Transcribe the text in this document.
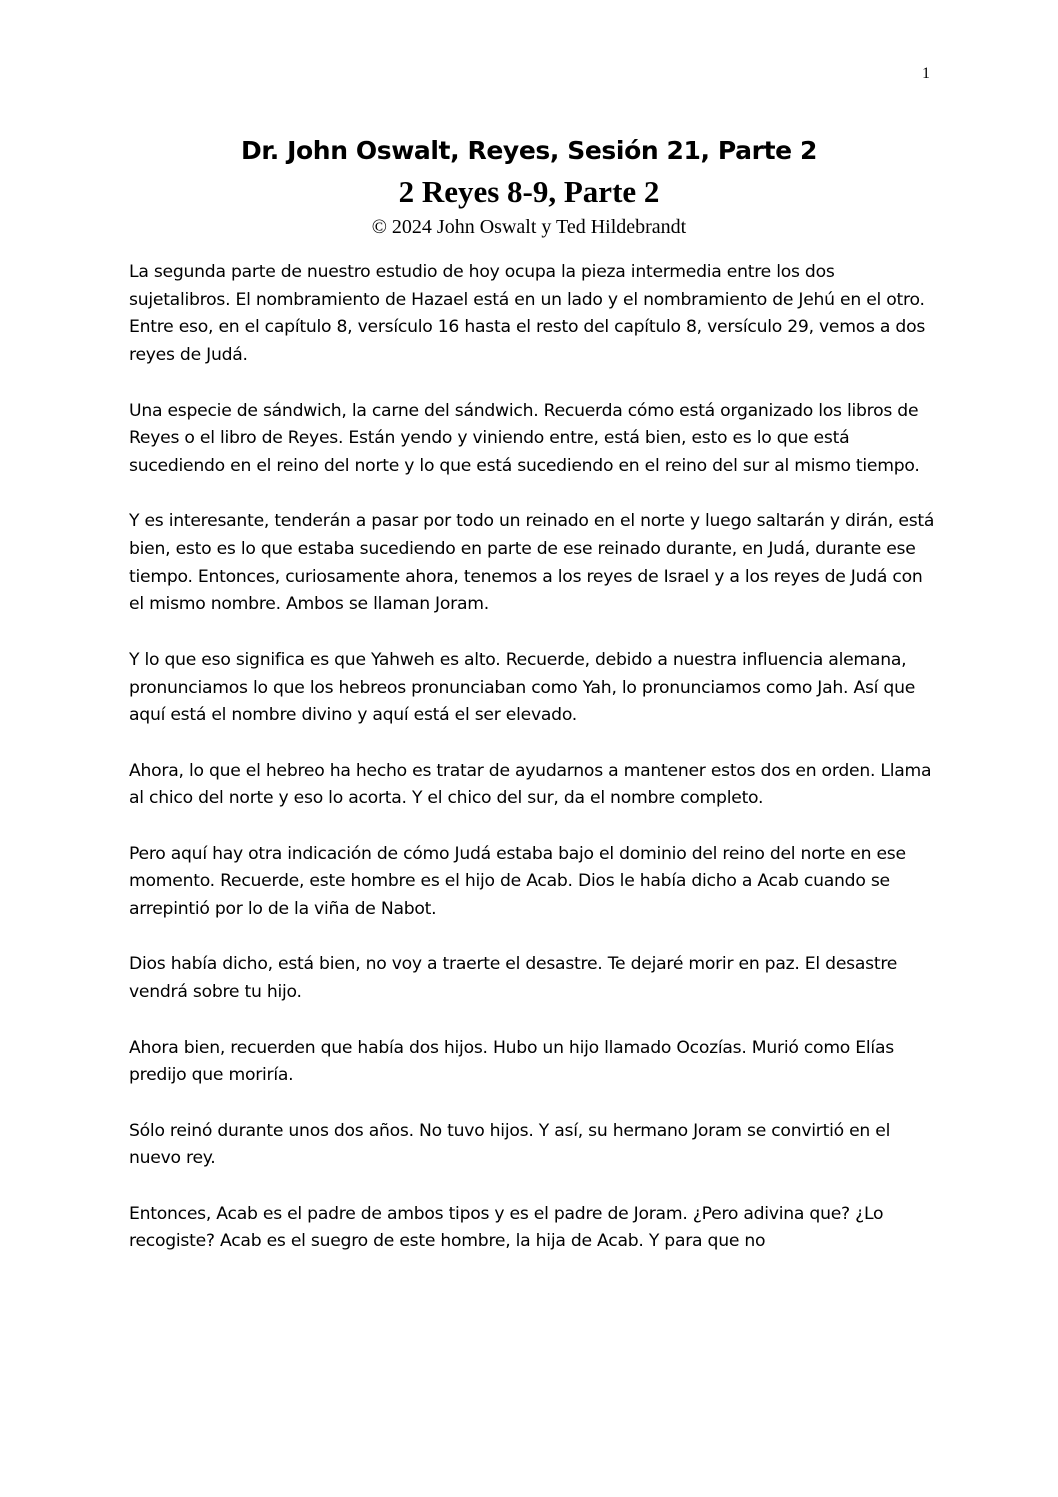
1
Dr. John Oswalt, Reyes, Sesión 21, Parte 2
2 Reyes 8-9, Parte 2
© 2024 John Oswalt y Ted Hildebrandt

La segunda parte de nuestro estudio de hoy ocupa la pieza intermedia entre los dos sujetalibros. El nombramiento de Hazael está en un lado y el nombramiento de Jehú en el otro. Entre eso, en el capítulo 8, versículo 16 hasta el resto del capítulo 8, versículo 29, vemos a dos reyes de Judá.

Una especie de sándwich, la carne del sándwich. Recuerda cómo está organizado los libros de Reyes o el libro de Reyes. Están yendo y viniendo entre, está bien, esto es lo que está sucediendo en el reino del norte y lo que está sucediendo en el reino del sur al mismo tiempo.

Y es interesante, tenderán a pasar por todo un reinado en el norte y luego saltarán y dirán, está bien, esto es lo que estaba sucediendo en parte de ese reinado durante, en Judá, durante ese tiempo. Entonces, curiosamente ahora, tenemos a los reyes de Israel y a los reyes de Judá con el mismo nombre. Ambos se llaman Joram.

Y lo que eso significa es que Yahweh es alto. Recuerde, debido a nuestra influencia alemana, pronunciamos lo que los hebreos pronunciaban como Yah, lo pronunciamos como Jah. Así que aquí está el nombre divino y aquí está el ser elevado.

Ahora, lo que el hebreo ha hecho es tratar de ayudarnos a mantener estos dos en orden. Llama al chico del norte y eso lo acorta. Y el chico del sur, da el nombre completo.

Pero aquí hay otra indicación de cómo Judá estaba bajo el dominio del reino del norte en ese momento. Recuerde, este hombre es el hijo de Acab. Dios le había dicho a Acab cuando se arrepintió por lo de la viña de Nabot.

Dios había dicho, está bien, no voy a traerte el desastre. Te dejaré morir en paz. El desastre vendrá sobre tu hijo.

Ahora bien, recuerden que había dos hijos. Hubo un hijo llamado Ocozías. Murió como Elías predijo que moriría.

Sólo reinó durante unos dos años. No tuvo hijos. Y así, su hermano Joram se convirtió en el nuevo rey.

Entonces, Acab es el padre de ambos tipos y es el padre de Joram. ¿Pero adivina que? ¿Lo recogiste? Acab es el suegro de este hombre, la hija de Acab. Y para que no
